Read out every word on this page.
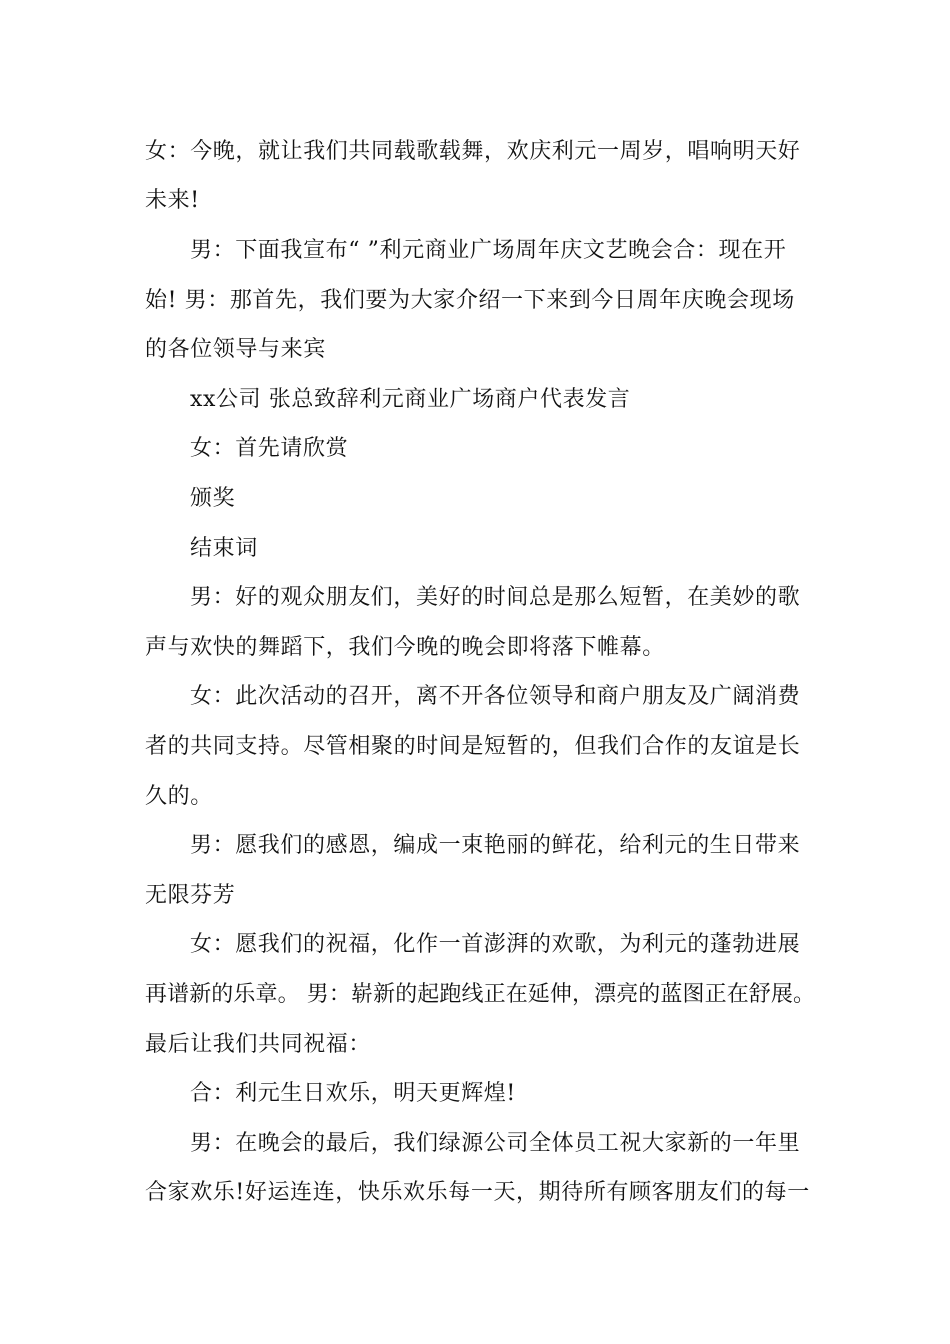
女：今晚，就让我们共同载歌载舞，欢庆利元一周岁，唱响明天好
未来!
男：下面我宣布“ ”利元商业广场周年庆文艺晚会合：现在开
始! 男：那首先，我们要为大家介绍一下来到今日周年庆晚会现场
的各位领导与来宾
xx公司 张总致辞利元商业广场商户代表发言
女：首先请欣赏
颁奖
结束词
男：好的观众朋友们，美好的时间总是那么短暂，在美妙的歌
声与欢快的舞蹈下，我们今晚的晚会即将落下帷幕。
女：此次活动的召开，离不开各位领导和商户朋友及广阔消费
者的共同支持。尽管相聚的时间是短暂的，但我们合作的友谊是长
久的。
男：愿我们的感恩，编成一束艳丽的鲜花，给利元的生日带来
无限芬芳
女：愿我们的祝福，化作一首澎湃的欢歌，为利元的蓬勃进展
再谱新的乐章。 男：崭新的起跑线正在延伸，漂亮的蓝图正在舒展。
最后让我们共同祝福：
合：利元生日欢乐，明天更辉煌!
男：在晚会的最后，我们绿源公司全体员工祝大家新的一年里
合家欢乐!好运连连，快乐欢乐每一天，期待所有顾客朋友们的每一
